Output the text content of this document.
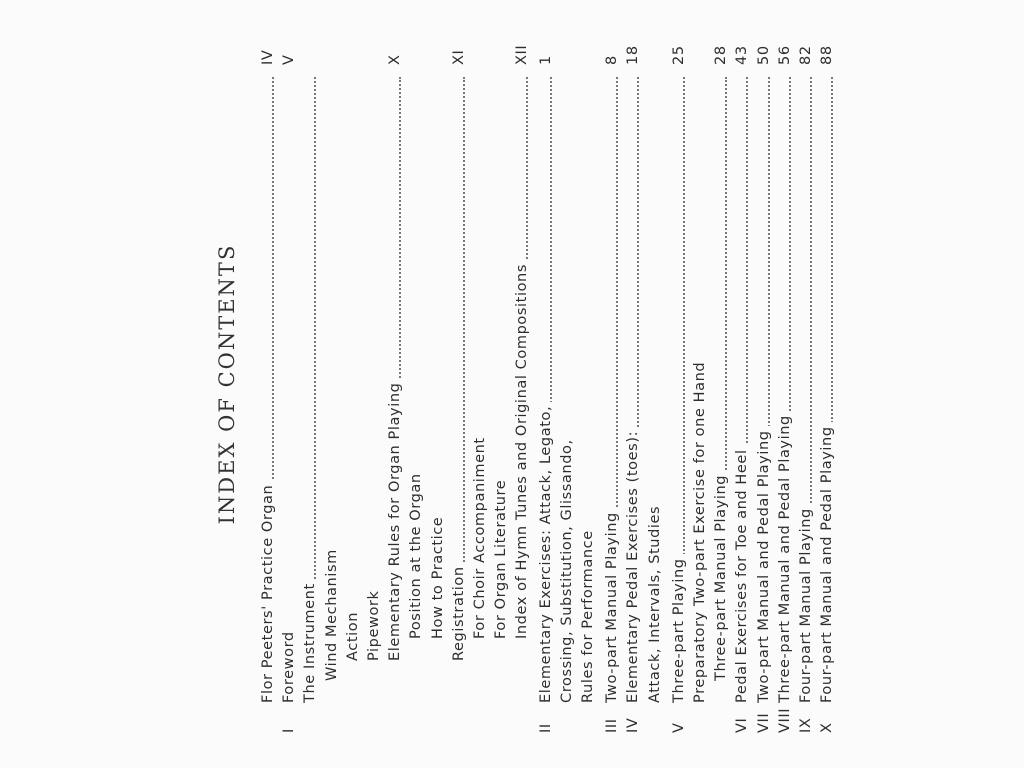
INDEX OF CONTENTS
Flor Peeters' Practice Organ
IV
I
Foreword
V
The Instrument Wind Mechanism Action Pipework Elementary Rules for Organ Playing
X
Position at the Organ How to Practice Registration
XI
For Choir Accompaniment For Organ Literature Index of Hymn Tunes and Original Compositions
XII
II
Elementary Exercises: Attack, Legato,
1
Crossing, Substitution, Glissando, Rules for Performance
III
Two-part Manual Playing
8
IV
Elementary Pedal Exercises (toes):
18
Attack, Intervals, Studies
V
Three-part Playing
25
Preparatory Two-part Exercise for one Hand Three-part Manual Playing
28
VI
Pedal Exercises for Toe and Heel
43
VII
Two-part Manual and Pedal Playing
50
VIII
Three-part Manual and Pedal Playing
56
IX
Four-part Manual Playing
82
X
Four-part Manual and Pedal Playing
88
